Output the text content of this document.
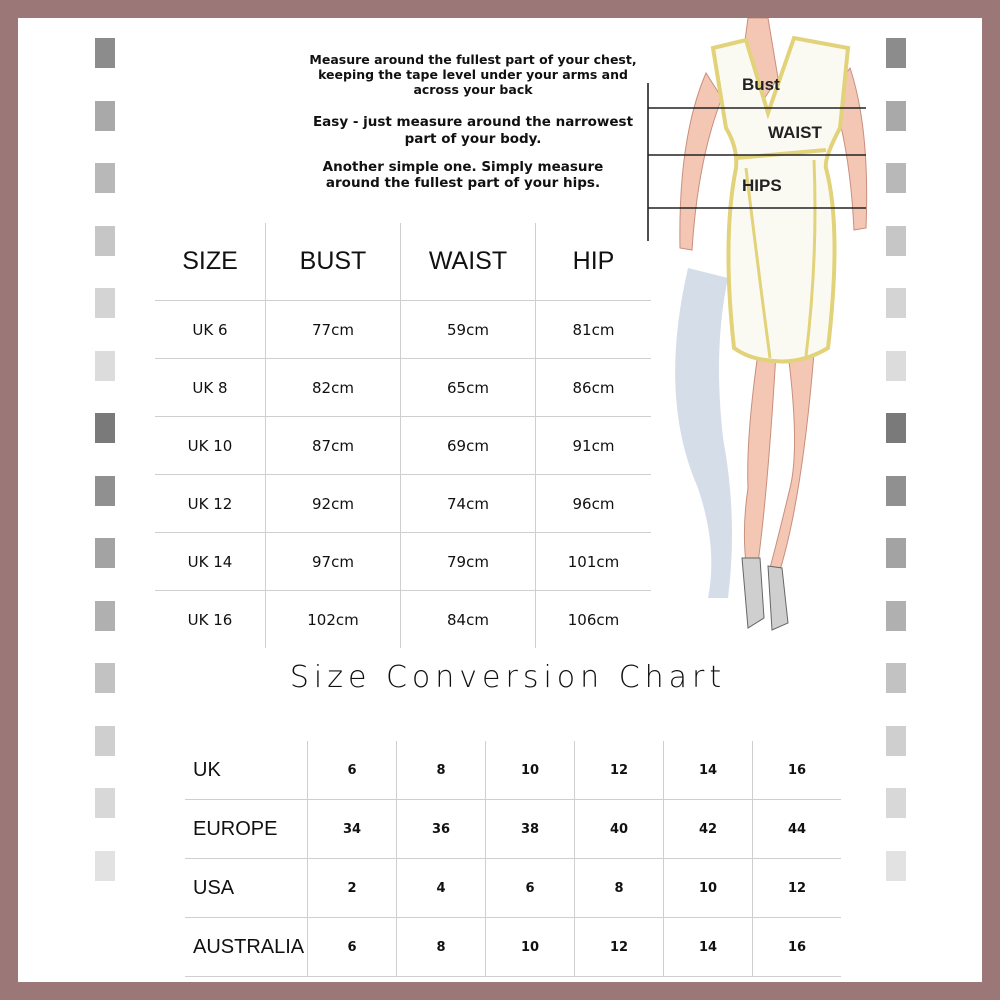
Measure around the fullest part of your chest, keeping the tape level under your arms and across your back
Easy - just measure around the narrowest part of your body.
Another simple one. Simply measure around the fullest part of your hips.
Bust
WAIST
HIPS
SIZE	BUST	WAIST	HIP
UK 6	77cm	59cm	81cm
UK 8	82cm	65cm	86cm
UK 10	87cm	69cm	91cm
UK 12	92cm	74cm	96cm
UK 14	97cm	79cm	101cm
UK 16	102cm	84cm	106cm
Size Conversion Chart
UK	6	8	10	12	14	16
EUROPE	34	36	38	40	42	44
USA	2	4	6	8	10	12
AUSTRALIA	6	8	10	12	14	16
